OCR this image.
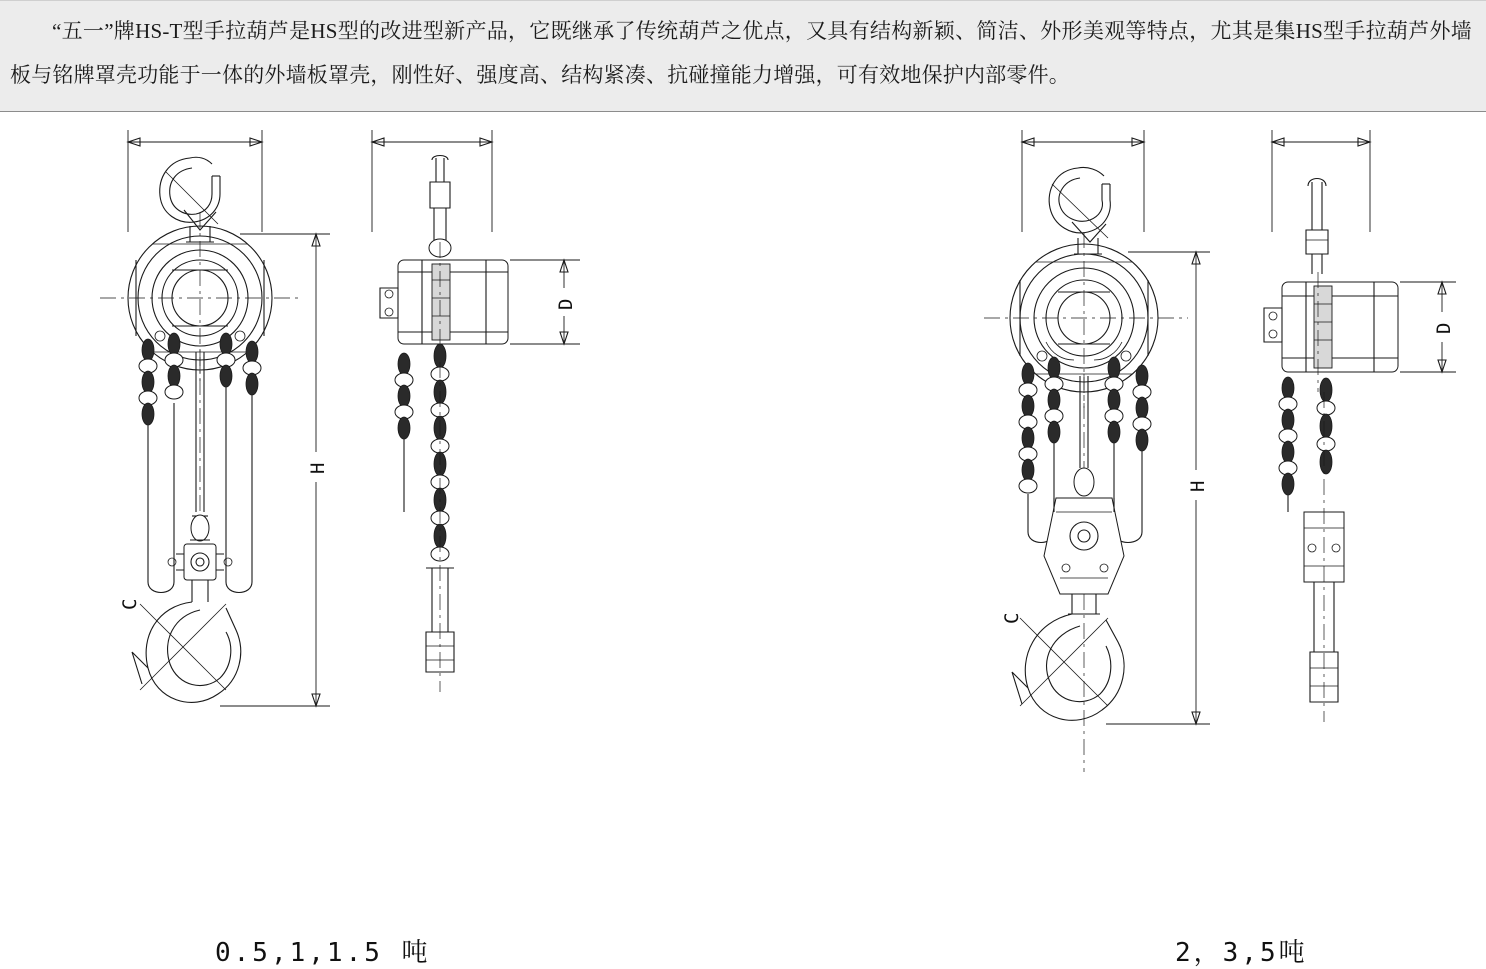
“五一”牌HS-T型手拉葫芦是HS型的改进型新产品，它既继承了传统葫芦之优点，又具有结构新颖、简洁、外形美观等特点，尤其是集HS型手拉葫芦外墙板与铭牌罩壳功能于一体的外墙板罩壳，刚性好、强度高、结构紧凑、抗碰撞能力增强，可有效地保护内部零件。
C
H
D
0.5,1,1.5 吨
C
H
D
2，3,5吨
